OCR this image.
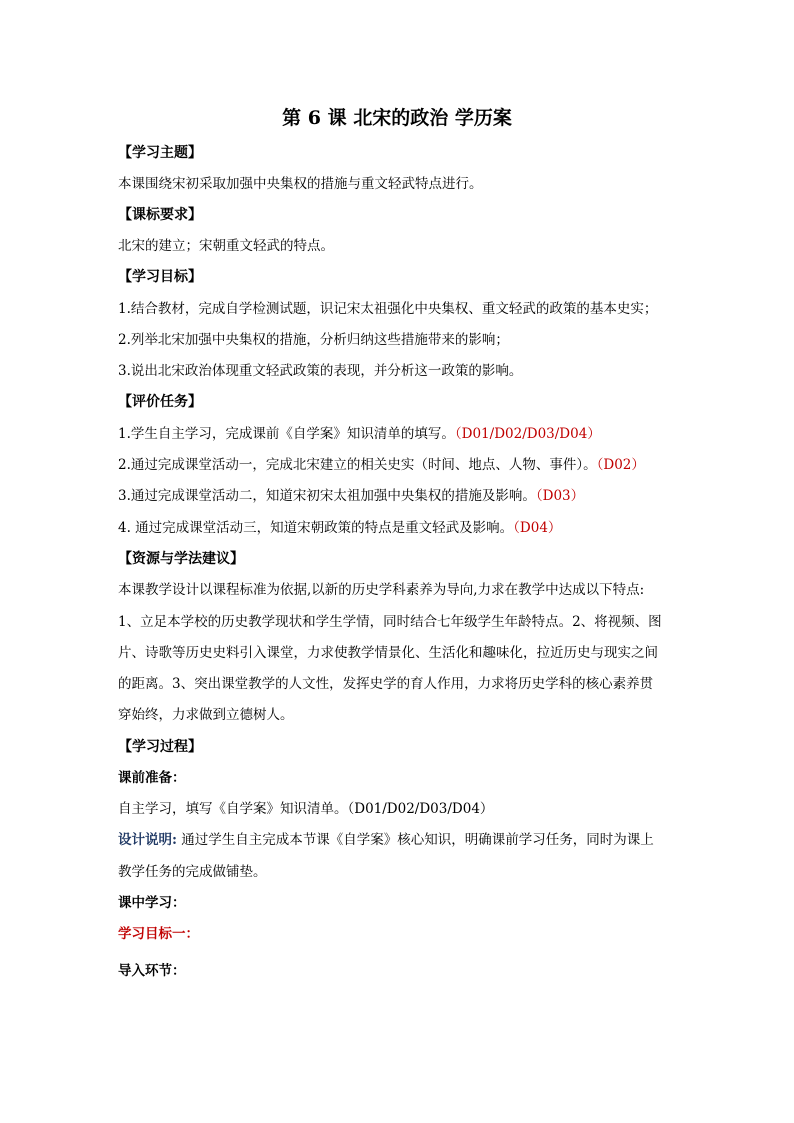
第 6 课 北宋的政治 学历案
【学习主题】
本课围绕宋初采取加强中央集权的措施与重文轻武特点进行。
【课标要求】
北宋的建立；宋朝重文轻武的特点。
【学习目标】
1.结合教材，完成自学检测试题，识记宋太祖强化中央集权、重文轻武的政策的基本史实；
2.列举北宋加强中央集权的措施，分析归纳这些措施带来的影响；
3.说出北宋政治体现重文轻武政策的表现，并分析这一政策的影响。
【评价任务】
1.学生自主学习，完成课前《自学案》知识清单的填写。（D01/D02/D03/D04）
2.通过完成课堂活动一，完成北宋建立的相关史实（时间、地点、人物、事件）。（D02）
3.通过完成课堂活动二，知道宋初宋太祖加强中央集权的措施及影响。（D03）
4. 通过完成课堂活动三，知道宋朝政策的特点是重文轻武及影响。（D04）
【资源与学法建议】
本课教学设计以课程标准为依据,以新的历史学科素养为导向,力求在教学中达成以下特点:
1、立足本学校的历史教学现状和学生学情，同时结合七年级学生年龄特点。2、将视频、图
片、诗歌等历史史料引入课堂，力求使教学情景化、生活化和趣味化，拉近历史与现实之间
的距离。3、突出课堂教学的人文性，发挥史学的育人作用，力求将历史学科的核心素养贯
穿始终，力求做到立德树人。
【学习过程】
课前准备：
自主学习，填写《自学案》知识清单。（D01/D02/D03/D04）
设计说明: 通过学生自主完成本节课《自学案》核心知识，明确课前学习任务，同时为课上
教学任务的完成做铺垫。
课中学习：
学习目标一：
导入环节：
